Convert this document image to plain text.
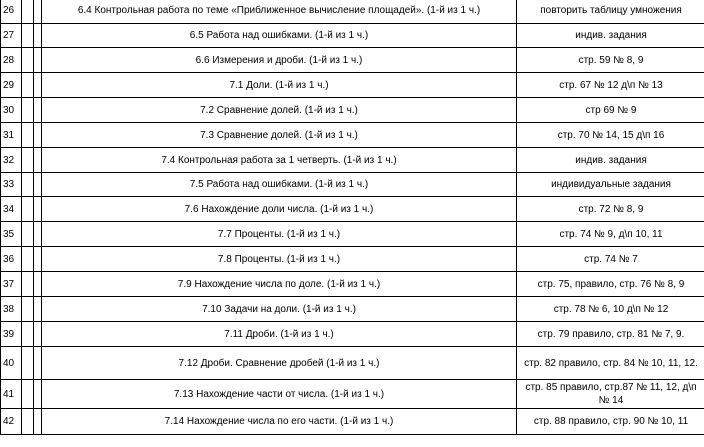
26			6.4 Контрольная работа по теме «Приближенное вычисление площадей». (1-й из 1 ч.)	повторить таблицу умножения
27			6.5 Работа над ошибками. (1-й из 1 ч.)	индив. задания
28			6.6 Измерения и дроби. (1-й из 1 ч.)	стр. 59 № 8, 9
29			7.1 Доли. (1-й из 1 ч.)	стр. 67 № 12 д\п № 13
30			7.2 Сравнение долей. (1-й из 1 ч.)	стр 69 № 9
31			7.3 Сравнение долей. (1-й из 1 ч.)	стр. 70 № 14, 15 д\п 16
32			7.4 Контрольная работа за 1 четверть. (1-й из 1 ч.)	индив. задания
33			7.5 Работа над ошибками. (1-й из 1 ч.)	индивидуальные задания
34			7.6 Нахождение доли числа. (1-й из 1 ч.)	стр. 72 № 8, 9
35			7.7 Проценты. (1-й из 1 ч.)	стр. 74 № 9, д\п 10, 11
36			7.8 Проценты. (1-й из 1 ч.)	стр. 74 № 7
37			7.9 Нахождение числа по доле. (1-й из 1 ч.)	стр. 75, правило, стр. 76 № 8, 9
38			7.10 Задачи на доли. (1-й из 1 ч.)	стр. 78 № 6, 10 д\п № 12
39			7.11 Дроби. (1-й из 1 ч.)	стр. 79 правило, стр. 81 № 7, 9.
40			7.12 Дроби. Сравнение дробей (1-й из 1 ч.)	стр. 82 правило, стр. 84 № 10, 11, 12.
41			7.13 Нахождение части от числа. (1-й из 1 ч.)	стр. 85 правило, стр.87 № 11, 12, д\п № 14
42			7.14 Нахождение числа по его части. (1-й из 1 ч.)	стр. 88 правило, стр. 90 № 10, 11
